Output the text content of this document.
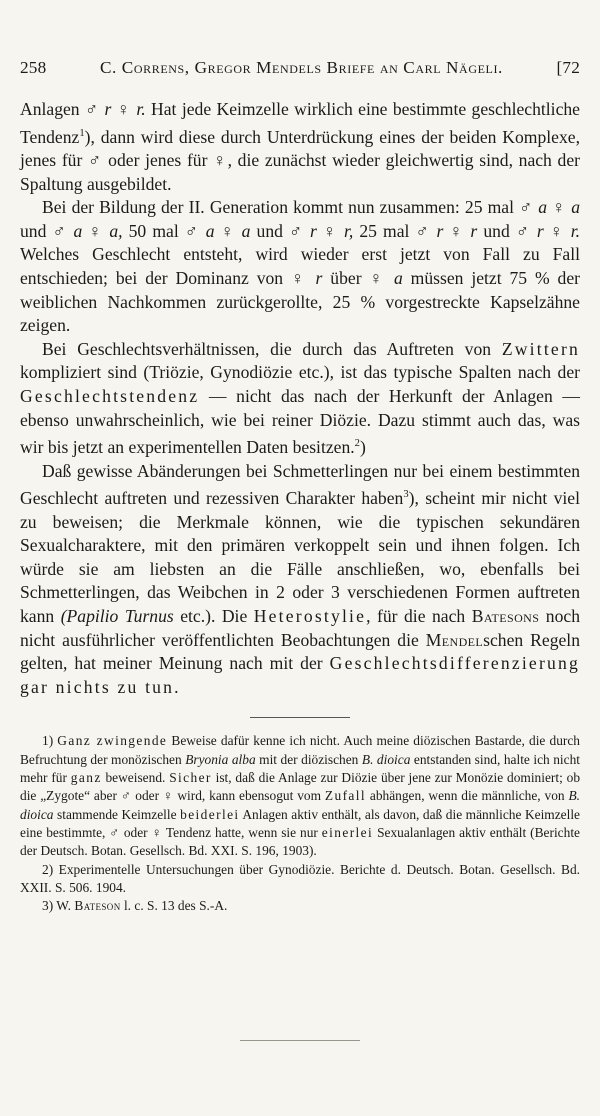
258	C. Correns, Gregor Mendels Briefe an Carl Nägeli.	[72

Anlagen ♂ r ♀ r. Hat jede Keimzelle wirklich eine bestimmte geschlechtliche Tendenz$^1$), dann wird diese durch Unterdrückung eines der beiden Komplexe, jenes für ♂ oder jenes für ♀, die zunächst wieder gleichwertig sind, nach der Spaltung ausgebildet.

Bei der Bildung der II. Generation kommt nun zusammen: 25 mal ♂ a ♀ a und ♂ a ♀ a, 50 mal ♂ a ♀ a und ♂ r ♀ r, 25 mal ♂ r ♀ r und ♂ r ♀ r. Welches Geschlecht entsteht, wird wieder erst jetzt von Fall zu Fall entschieden; bei der Dominanz von ♀ r über ♀ a müssen jetzt 75 % der weiblichen Nachkommen zurückgerollte, 25 % vorgestreckte Kapselzähne zeigen.

Bei Geschlechtsverhältnissen, die durch das Auftreten von Zwittern kompliziert sind (Triözie, Gynodiözie etc.), ist das typische Spalten nach der Geschlechtstendenz — nicht das nach der Herkunft der Anlagen — ebenso unwahrscheinlich, wie bei reiner Diözie. Dazu stimmt auch das, was wir bis jetzt an experimentellen Daten besitzen.$^2$)

Daß gewisse Abänderungen bei Schmetterlingen nur bei einem bestimmten Geschlecht auftreten und rezessiven Charakter haben$^3$), scheint mir nicht viel zu beweisen; die Merkmale können, wie die typischen sekundären Sexualcharaktere, mit den primären verkoppelt sein und ihnen folgen. Ich würde sie am liebsten an die Fälle anschließen, wo, ebenfalls bei Schmetterlingen, das Weibchen in 2 oder 3 verschiedenen Formen auftreten kann (Papilio Turnus etc.). Die Heterostylie, für die nach Batesons noch nicht ausführlicher veröffentlichten Beobachtungen die Mendelschen Regeln gelten, hat meiner Meinung nach mit der Geschlechtsdifferenzierung gar nichts zu tun.

1) Ganz zwingende Beweise dafür kenne ich nicht. Auch meine diözischen Bastarde, die durch Befruchtung der monözischen Bryonia alba mit der diözischen B. dioica entstanden sind, halte ich nicht mehr für ganz beweisend. Sicher ist, daß die Anlage zur Diözie über jene zur Monözie dominiert; ob die „Zygote“ aber ♂ oder ♀ wird, kann ebensogut vom Zufall abhängen, wenn die männliche, von B. dioica stammende Keimzelle beiderlei Anlagen aktiv enthält, als davon, daß die männliche Keimzelle eine bestimmte, ♂ oder ♀ Tendenz hatte, wenn sie nur einerlei Sexualanlagen aktiv enthält (Berichte der Deutsch. Botan. Gesellsch. Bd. XXI. S. 196, 1903).

2) Experimentelle Untersuchungen über Gynodiözie. Berichte d. Deutsch. Botan. Gesellsch. Bd. XXII. S. 506. 1904.

3) W. Bateson l. c. S. 13 des S.-A.
